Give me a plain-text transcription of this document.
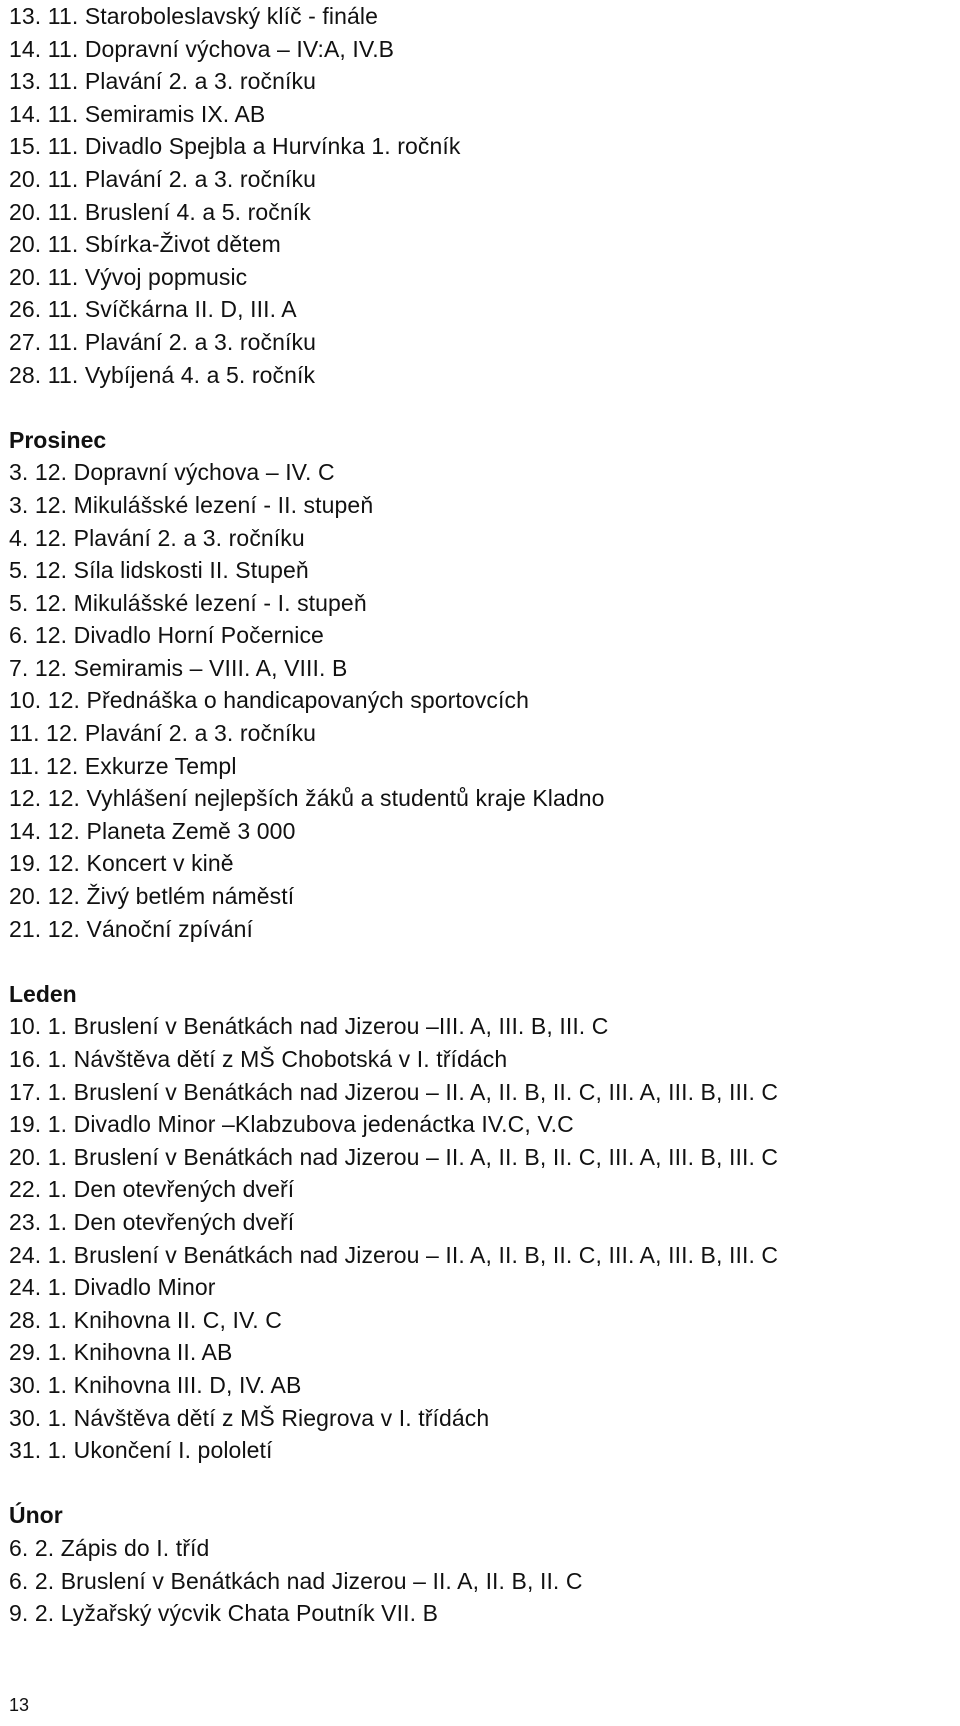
13. 11. Staroboleslavský klíč - finále
14. 11. Dopravní výchova – IV:A, IV.B
13. 11. Plavání 2. a 3. ročníku
14. 11. Semiramis IX. AB
15. 11. Divadlo Spejbla a Hurvínka 1. ročník
20. 11. Plavání 2. a 3. ročníku
20. 11. Bruslení 4. a 5. ročník
20. 11. Sbírka-Život dětem
20. 11. Vývoj popmusic
26. 11. Svíčkárna II. D, III. A
27. 11. Plavání 2. a 3. ročníku
28. 11. Vybíjená 4. a 5. ročník
Prosinec
3. 12. Dopravní výchova – IV. C
3. 12. Mikulášské lezení - II. stupeň
4. 12. Plavání 2. a 3. ročníku
5. 12. Síla lidskosti II. Stupeň
5. 12. Mikulášské lezení - I. stupeň
6. 12. Divadlo Horní Počernice
7. 12. Semiramis – VIII. A, VIII. B
10. 12. Přednáška o handicapovaných sportovcích
11. 12. Plavání 2. a 3. ročníku
11. 12. Exkurze Templ
12. 12. Vyhlášení nejlepších žáků a studentů kraje Kladno
14. 12. Planeta Země 3 000
19. 12. Koncert v kině
20. 12. Živý betlém náměstí
21. 12. Vánoční zpívání
Leden
10. 1. Bruslení v Benátkách nad Jizerou –III. A, III. B, III. C
16. 1. Návštěva dětí z MŠ Chobotská v I. třídách
17. 1. Bruslení v Benátkách nad Jizerou – II. A, II. B, II. C, III. A, III. B, III. C
19. 1. Divadlo Minor –Klabzubova jedenáctka IV.C, V.C
20. 1. Bruslení v Benátkách nad Jizerou – II. A, II. B, II. C, III. A, III. B, III. C
22. 1. Den otevřených dveří
23. 1. Den otevřených dveří
24. 1. Bruslení v Benátkách nad Jizerou – II. A, II. B, II. C, III. A, III. B, III. C
24. 1. Divadlo Minor
28. 1. Knihovna II. C, IV. C
29. 1. Knihovna II. AB
30. 1. Knihovna III. D, IV. AB
30. 1. Návštěva dětí z MŠ Riegrova v I. třídách
31. 1. Ukončení I. pololetí
Únor
6. 2. Zápis do I. tříd
6. 2. Bruslení v Benátkách nad Jizerou – II. A, II. B, II. C
9. 2. Lyžařský výcvik Chata Poutník VII. B
13
